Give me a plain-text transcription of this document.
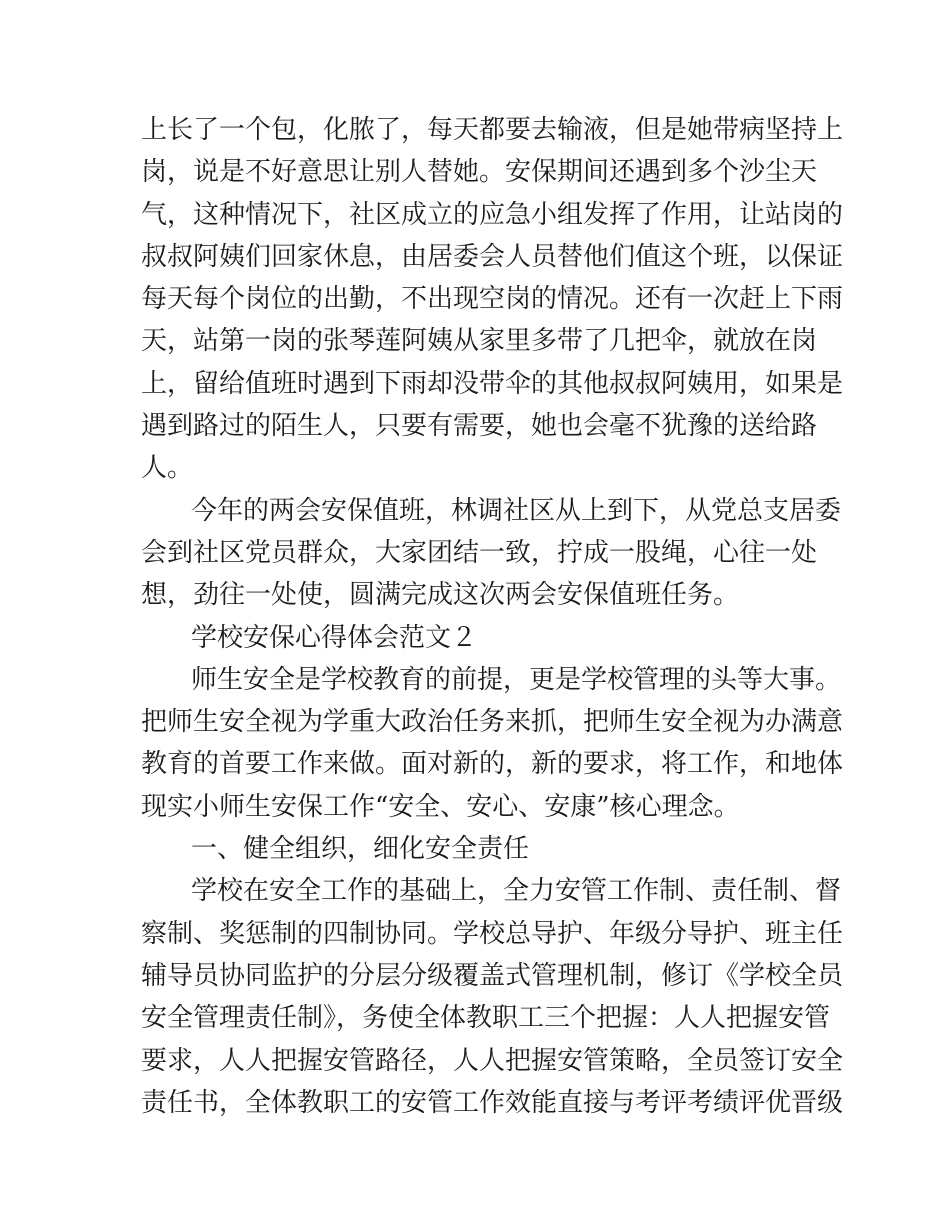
上长了一个包，化脓了，每天都要去输液，但是她带病坚持上
岗，说是不好意思让别人替她。安保期间还遇到多个沙尘天
气，这种情况下，社区成立的应急小组发挥了作用，让站岗的
叔叔阿姨们回家休息，由居委会人员替他们值这个班，以保证
每天每个岗位的出勤，不出现空岗的情况。还有一次赶上下雨
天，站第一岗的张琴莲阿姨从家里多带了几把伞，就放在岗
上，留给值班时遇到下雨却没带伞的其他叔叔阿姨用，如果是
遇到路过的陌生人，只要有需要，她也会毫不犹豫的送给路
人。
今年的两会安保值班，林调社区从上到下，从党总支居委
会到社区党员群众，大家团结一致，拧成一股绳，心往一处
想，劲往一处使，圆满完成这次两会安保值班任务。
学校安保心得体会范文２
师生安全是学校教育的前提，更是学校管理的头等大事。
把师生安全视为学重大政治任务来抓，把师生安全视为办满意
教育的首要工作来做。面对新的，新的要求，将工作，和地体
现实小师生安保工作“安全、安心、安康”核心理念。
一、健全组织，细化安全责任
学校在安全工作的基础上，全力安管工作制、责任制、督
察制、奖惩制的四制协同。学校总导护、年级分导护、班主任
辅导员协同监护的分层分级覆盖式管理机制，修订《学校全员
安全管理责任制》，务使全体教职工三个把握：人人把握安管
要求，人人把握安管路径，人人把握安管策略，全员签订安全
责任书，全体教职工的安管工作效能直接与考评考绩评优晋级
